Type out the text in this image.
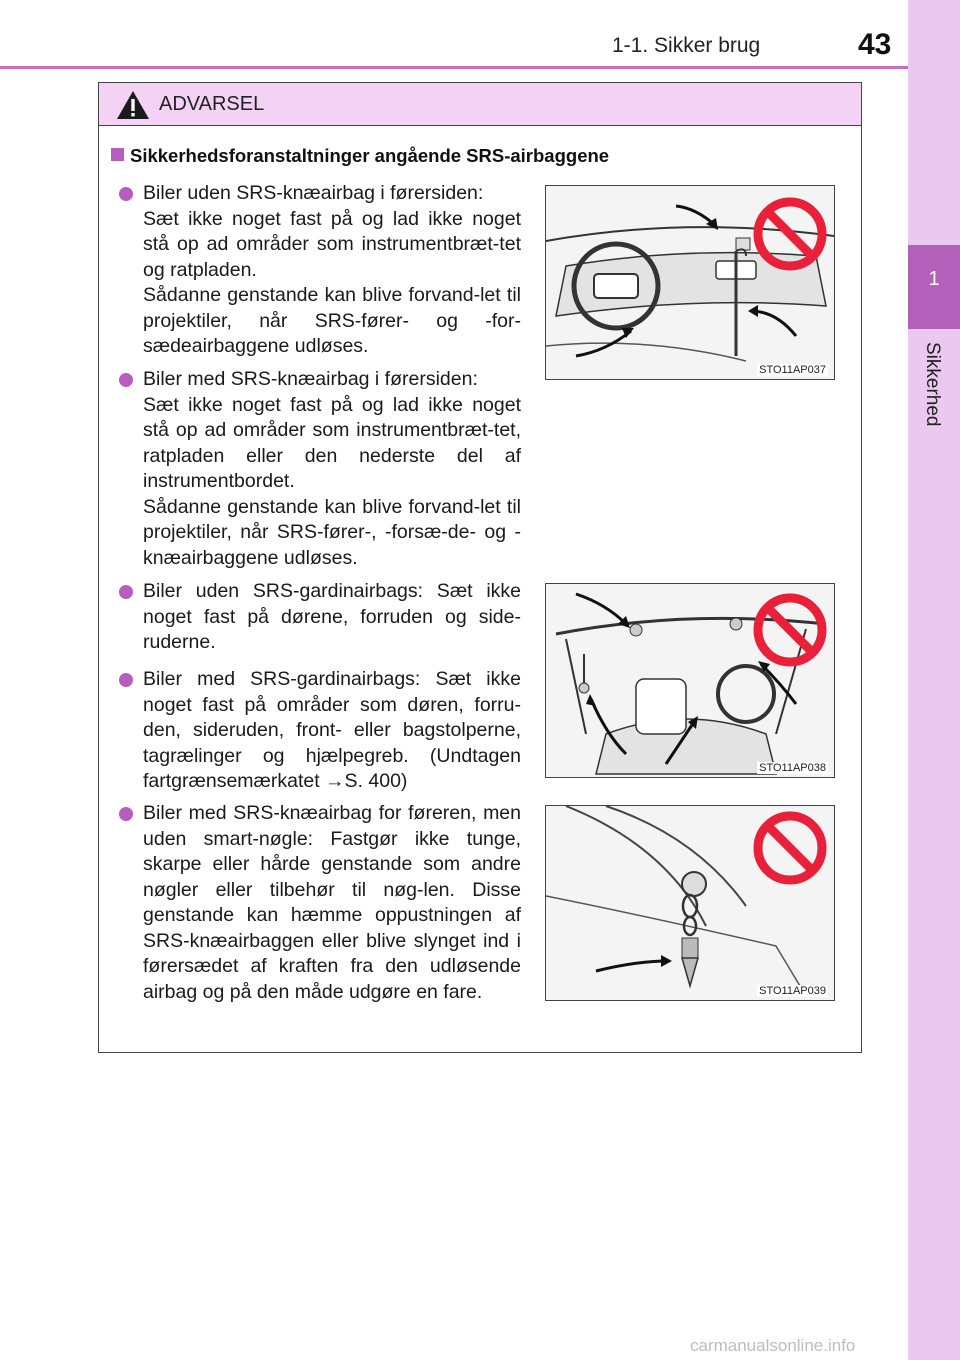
1-1. Sikker brug	43
1
Sikkerhed
ADVARSEL
Sikkerhedsforanstaltninger angående SRS-airbaggene
Biler uden SRS-knæairbag i førersiden:
Sæt ikke noget fast på og lad ikke noget stå op ad områder som instrumentbræt-tet og ratpladen.
Sådanne genstande kan blive forvand-let til projektiler, når SRS-fører- og -for-sædeairbaggene udløses.
Biler med SRS-knæairbag i førersiden:
Sæt ikke noget fast på og lad ikke noget stå op ad områder som instrumentbræt-tet, ratpladen eller den nederste del af instrumentbordet.
Sådanne genstande kan blive forvand-let til projektiler, når SRS-fører-, -forsæ-de- og -knæairbaggene udløses.
Biler uden SRS-gardinairbags: Sæt ikke noget fast på dørene, forruden og side-ruderne.
Biler med SRS-gardinairbags: Sæt ikke noget fast på områder som døren, forru-den, sideruden, front- eller bagstolperne, tagrælinger og hjælpegreb. (Undtagen fartgrænsemærkatet →S. 400)
Biler med SRS-knæairbag for føreren, men uden smart-nøgle: Fastgør ikke tunge, skarpe eller hårde genstande som andre nøgler eller tilbehør til nøg-len. Disse genstande kan hæmme oppustningen af SRS-knæairbaggen eller blive slynget ind i førersædet af kraften fra den udløsende airbag og på den måde udgøre en fare.
STO11AP037
STO11AP038
STO11AP039
carmanualsonline.info
